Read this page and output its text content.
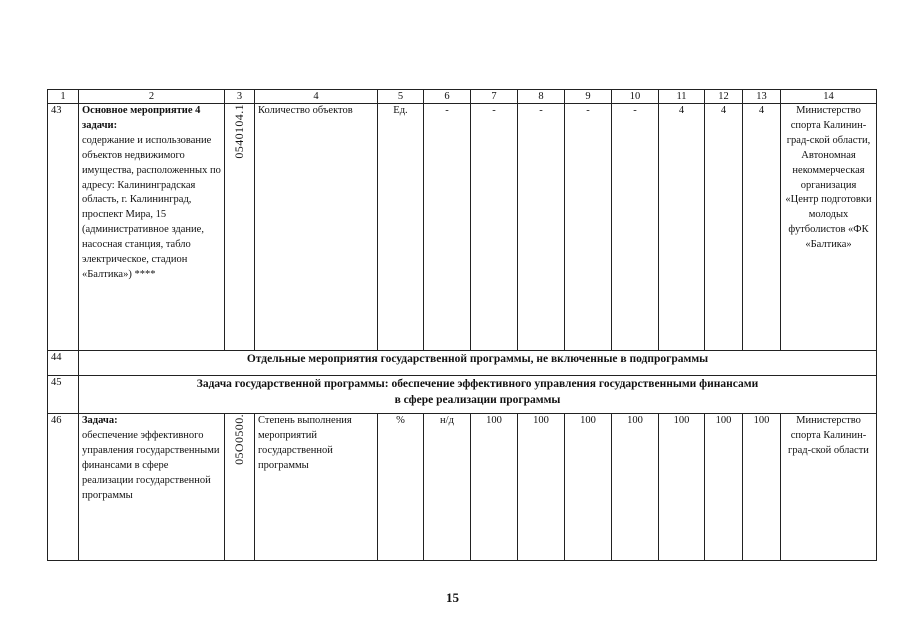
1	2	3	4	5	6	7	8	9	10	11	12	13	14
43	Основное мероприятие 4 задачи:
содержание и использование объектов недвижимого имущества, расположенных по адресу: Калининградская область, г. Калининград, проспект Мира, 15 (административное здание, насосная станция, табло электрическое, стадион «Балтика») ****	0540104.1	Количество объектов	Ед.	-	-	-	-	-	4	4	4	Министерство спорта Калинин-град-ской области, Автономная некоммерческая организация «Центр подготовки молодых футболистов «ФК «Балтика»

44	Отдельные мероприятия государственной программы, не включенные в подпрограммы												
45	Задача государственной программы: обеспечение эффективного управления государственными финансами
в сфере реализации программы												

46	Задача:
обеспечение эффективного управления государственными финансами в сфере реализации государственной программы	05О0500.	Степень выполнения мероприятий государственной программы	%	н/д	100	100	100	100	100	100	100	Министерство спорта Калинин-град-ской области
15
